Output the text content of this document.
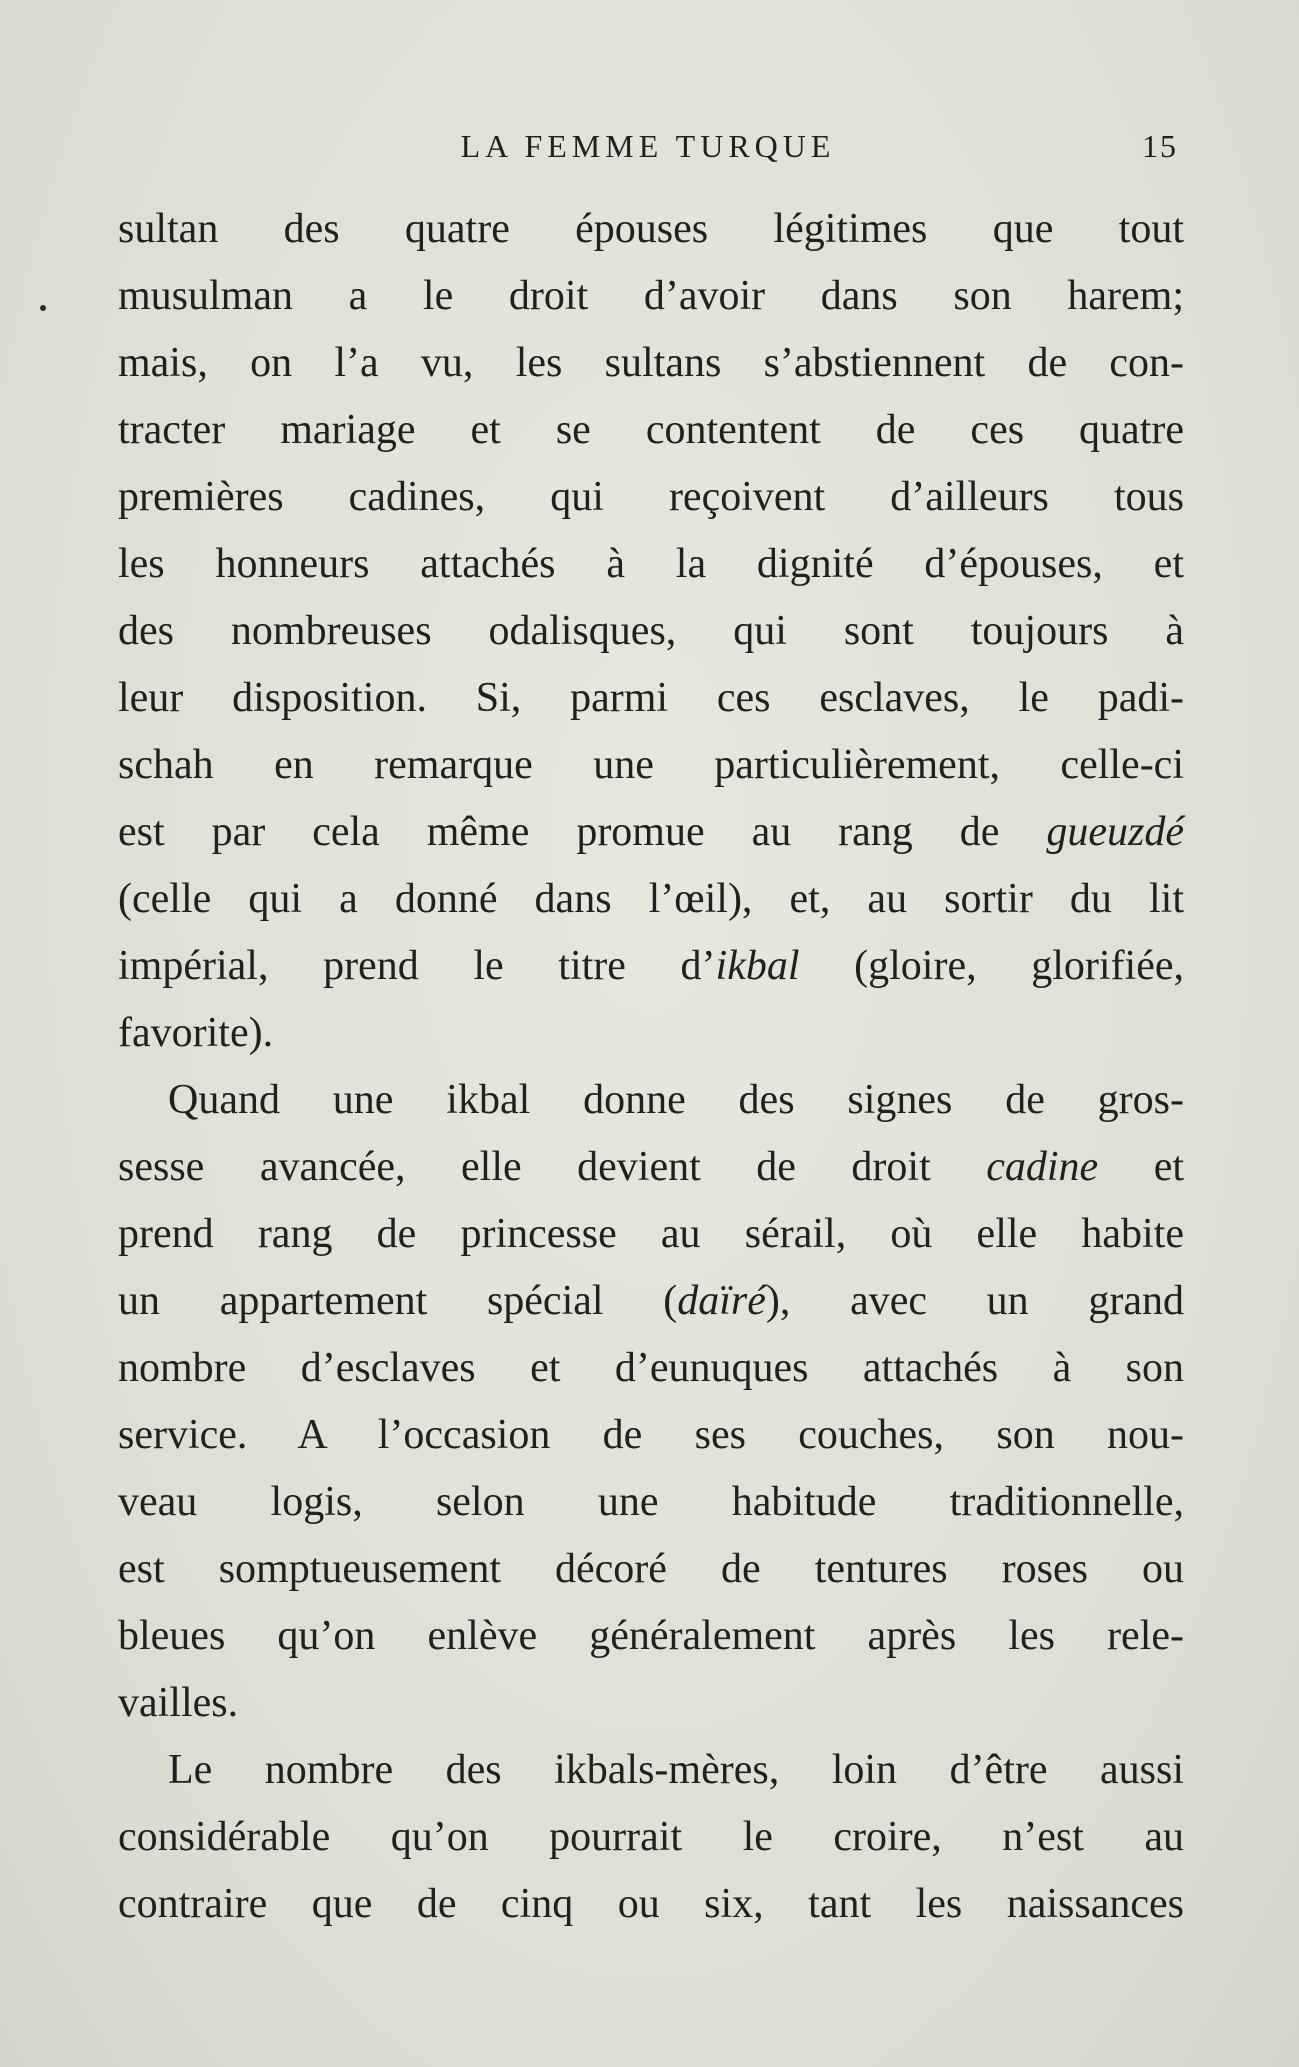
LA FEMME TURQUE	15
sultan des quatre épouses légitimes que tout
musulman a le droit d’avoir dans son harem;
mais, on l’a vu, les sultans s’abstiennent de con-
tracter mariage et se contentent de ces quatre
premières cadines, qui reçoivent d’ailleurs tous
les honneurs attachés à la dignité d’épouses, et
des nombreuses odalisques, qui sont toujours à
leur disposition. Si, parmi ces esclaves, le padi-
schah en remarque une particulièrement, celle-ci
est par cela même promue au rang de gueuzdé
(celle qui a donné dans l’œil), et, au sortir du lit
impérial, prend le titre d’ikbal (gloire, glorifiée,
favorite).
Quand une ikbal donne des signes de gros-
sesse avancée, elle devient de droit cadine et
prend rang de princesse au sérail, où elle habite
un appartement spécial (daïré), avec un grand
nombre d’esclaves et d’eunuques attachés à son
service. A l’occasion de ses couches, son nou-
veau logis, selon une habitude traditionnelle,
est somptueusement décoré de tentures roses ou
bleues qu’on enlève généralement après les rele-
vailles.
Le nombre des ikbals-mères, loin d’être aussi
considérable qu’on pourrait le croire, n’est au
contraire que de cinq ou six, tant les naissances
